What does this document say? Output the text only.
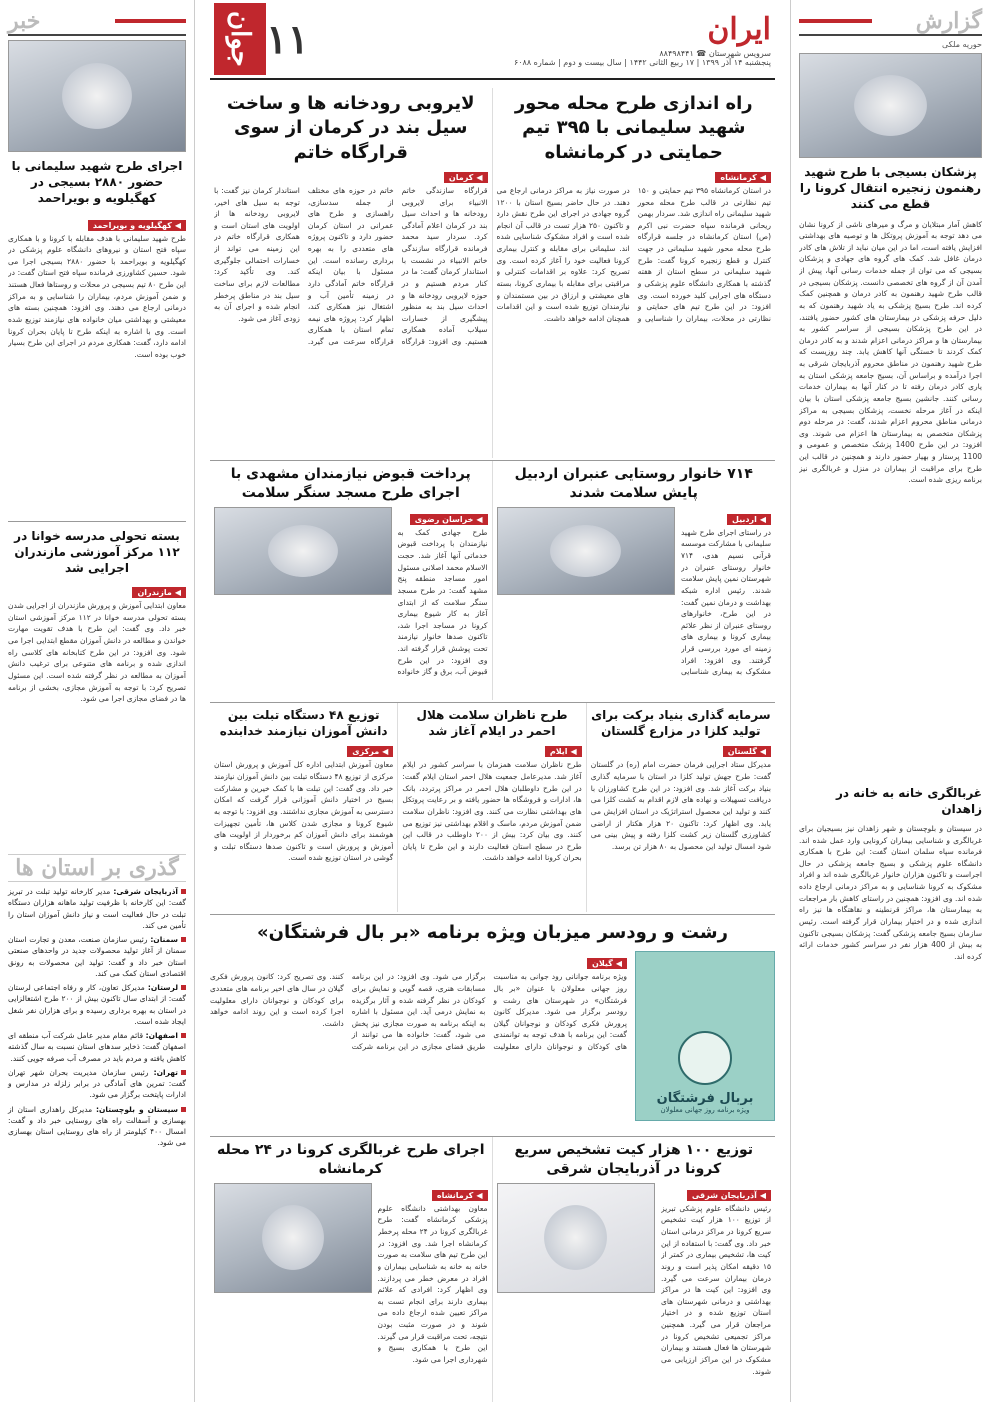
گزارش
حوریه ملکی
پزشکان بسیجی با طرح شهید رهنمون زنجیره انتقال کرونا را قطع می کنند
کاهش آمار مبتلایان و مرگ و میرهای ناشی از کرونا نشان می دهد توجه به آموزش پروتکل ها و توصیه های بهداشتی افزایش یافته است، اما در این میان نباید از تلاش های کادر درمان غافل شد. کمک های گروه های جهادی و پزشکان بسیجی که می توان از جمله خدمات رسانی آنها، پیش از آمدن آن از گروه های تخصصی دانست. پزشکان بسیجی در قالب طرح شهید رهنمون به کادر درمان و همچنین کمک کرده اند. طرح بسیج پزشکی به یاد شهید رهنمون که به دلیل حرفه پزشکی در بیمارستان های کشور حضور یافتند، در این طرح پزشکان بسیجی از سراسر کشور به بیمارستان ها و مراکز درمانی اعزام شدند و به کادر درمان کمک کردند تا خستگی آنها کاهش یابد. چند روزیست که طرح شهید رهنمون در مناطق محروم آذربایجان شرقی به اجرا درآمده و براساس آن، بسیج جامعه پزشکی استان به یاری کادر درمان رفته تا در کنار آنها به بیماران خدمات رسانی کنند. جانشین بسیج جامعه پزشکی استان با بیان اینکه در آغاز مرحله نخست، پزشکان بسیجی به مراکز درمانی مناطق محروم اعزام شدند، گفت: در مرحله دوم پزشکان متخصص به بیمارستان ها اعزام می شوند. وی افزود: در این طرح 1400 پزشک متخصص و عمومی و 1100 پرستار و بهیار حضور دارند و همچنین در قالب این طرح برای مراقبت از بیماران در منزل و غربالگری نیز برنامه ریزی شده است.
غربالگری خانه به خانه در زاهدان
در سیستان و بلوچستان و شهر زاهدان نیز بسیجیان برای غربالگری و شناسایی بیماران کرونایی وارد عمل شده اند. فرمانده سپاه سلمان استان گفت: این طرح با همکاری دانشگاه علوم پزشکی و بسیج جامعه پزشکی در حال اجراست و تاکنون هزاران خانوار غربالگری شده اند و افراد مشکوک به کرونا شناسایی و به مراکز درمانی ارجاع داده شده اند. وی افزود: همچنین در راستای کاهش بار مراجعات به بیمارستان ها، مراکز قرنطینه و نقاهتگاه ها نیز راه اندازی شده و در اختیار بیماران قرار گرفته است. رئیس سازمان بسیج جامعه پزشکی گفت: پزشکان بسیجی تاکنون به بیش از 400 هزار نفر در سراسر کشور خدمات ارائه کرده اند.
ایران
سرویس شهرستان ☎ ۸۸۴۹۸۴۴۱
پنجشنبه ۱۴ آذر ۱۳۹۹ | ۱۷ ربیع الثانی ۱۴۴۲ | سال بیست و دوم | شماره ۶۰۸۸
۱۱
جوان
راه اندازی طرح محله محور شهید سلیمانی با ۳۹۵ تیم حمایتی در کرمانشاه
◀
کرمانشاه
در استان کرمانشاه ۳۹۵ تیم حمایتی و ۱۵۰ تیم نظارتی در قالب طرح محله محور شهید سلیمانی راه اندازی شد. سردار بهمن ریحانی فرمانده سپاه حضرت نبی اکرم (ص) استان کرمانشاه در جلسه قرارگاه طرح محله محور شهید سلیمانی در جهت کنترل و قطع زنجیره کرونا گفت: طرح شهید سلیمانی در سطح استان از هفته گذشته با همکاری دانشگاه علوم پزشکی و دستگاه های اجرایی کلید خورده است. وی افزود: در این طرح تیم های حمایتی و نظارتی در محلات، بیماران را شناسایی و در صورت نیاز به مراکز درمانی ارجاع می دهند. در حال حاضر بسیج استان با ۱۲۰۰ گروه جهادی در اجرای این طرح نقش دارد و تاکنون ۲۵۰ هزار تست در قالب آن انجام شده است و افراد مشکوک شناسایی شده اند. سلیمانی برای مقابله و کنترل بیماری کرونا فعالیت خود را آغاز کرده است. وی تصریح کرد: علاوه بر اقدامات کنترلی و مراقبتی برای مقابله با بیماری کرونا، بسته های معیشتی و ارزاق در بین مستمندان و نیازمندان توزیع شده است و این اقدامات همچنان ادامه خواهد داشت.
لایروبی رودخانه ها و ساخت سیل بند در کرمان از سوی قرارگاه خاتم
◀
کرمان
قرارگاه سازندگی خاتم الانبیاء برای لایروبی رودخانه ها و احداث سیل بند در کرمان اعلام آمادگی کرد. سردار سید محمد فرمانده قرارگاه سازندگی خاتم الانبیاء در نشست با استاندار کرمان گفت: ما در کنار مردم هستیم و در حوزه لایروبی رودخانه ها و احداث سیل بند به منظور پیشگیری از خسارات سیلاب آماده همکاری هستیم. وی افزود: قرارگاه خاتم در حوزه های مختلف از جمله سدسازی، راهسازی و طرح های عمرانی در استان کرمان حضور دارد و تاکنون پروژه های متعددی را به بهره برداری رسانده است. این مسئول با بیان اینکه قرارگاه خاتم آمادگی دارد در زمینه تأمین آب و اشتغال نیز همکاری کند، اظهار کرد: پروژه های نیمه تمام استان با همکاری قرارگاه سرعت می گیرد. استاندار کرمان نیز گفت: با توجه به سیل های اخیر، لایروبی رودخانه ها از اولویت های استان است و همکاری قرارگاه خاتم در این زمینه می تواند از خسارات احتمالی جلوگیری کند. وی تأکید کرد: مطالعات لازم برای ساخت سیل بند در مناطق پرخطر انجام شده و اجرای آن به زودی آغاز می شود.
۷۱۴ خانوار روستایی عنبران اردبیل پایش سلامت شدند
◀
اردبیل
در راستای اجرای طرح شهید سلیمانی با مشارکت موسسه قرآنی نسیم هدی، ۷۱۴ خانوار روستای عنبران در شهرستان نمین پایش سلامت شدند. رئیس اداره شبکه بهداشت و درمان نمین گفت: در این طرح، خانوارهای روستای عنبران از نظر علائم بیماری کرونا و بیماری های زمینه ای مورد بررسی قرار گرفتند. وی افزود: افراد مشکوک به بیماری شناسایی
پرداخت قبوض نیازمندان مشهدی با اجرای طرح مسجد سنگر سلامت
◀
خراسان رضوی
طرح جهادی کمک به نیازمندان با پرداخت قبوض خدماتی آنها آغاز شد. حجت الاسلام محمد اصلانی مسئول امور مساجد منطقه پنج مشهد گفت: در طرح مسجد سنگر سلامت که از ابتدای آغاز به کار شیوع بیماری کرونا در مساجد اجرا شد، تاکنون صدها خانوار نیازمند تحت پوشش قرار گرفته اند. وی افزود: در این طرح قبوض آب، برق و گاز خانواده
سرمایه گذاری بنیاد برکت برای تولید کلزا در مزارع گلستان
◀
گلستان
مدیرکل ستاد اجرایی فرمان حضرت امام (ره) در گلستان گفت: طرح جهش تولید کلزا در استان با سرمایه گذاری بنیاد برکت آغاز شد. وی افزود: در این طرح کشاورزان با دریافت تسهیلات و نهاده های لازم اقدام به کشت کلزا می کنند و تولید این محصول استراتژیک در استان افزایش می یابد. وی اظهار کرد: تاکنون ۲۰ هزار هکتار از اراضی کشاورزی گلستان زیر کشت کلزا رفته و پیش بینی می شود امسال تولید این محصول به ۸۰ هزار تن برسد.
طرح ناظران سلامت هلال احمر در ایلام آغاز شد
◀
ایلام
طرح ناظران سلامت همزمان با سراسر کشور در ایلام آغاز شد. مدیرعامل جمعیت هلال احمر استان ایلام گفت: در این طرح داوطلبان هلال احمر در مراکز پرتردد، بانک ها، ادارات و فروشگاه ها حضور یافته و بر رعایت پروتکل های بهداشتی نظارت می کنند. وی افزود: ناظران سلامت ضمن آموزش مردم، ماسک و اقلام بهداشتی نیز توزیع می کنند. وی بیان کرد: بیش از ۲۰۰ داوطلب در قالب این طرح در سطح استان فعالیت دارند و این طرح تا پایان بحران کرونا ادامه خواهد داشت.
توزیع ۴۸ دستگاه تبلت بین دانش آموزان نیازمند خدابنده
◀
مرکزی
معاون آموزش ابتدایی اداره کل آموزش و پرورش استان مرکزی از توزیع ۴۸ دستگاه تبلت بین دانش آموزان نیازمند خبر داد. وی گفت: این تبلت ها با کمک خیرین و مشارکت بسیج در اختیار دانش آموزانی قرار گرفت که امکان دسترسی به آموزش مجازی نداشتند. وی افزود: با توجه به شیوع کرونا و مجازی شدن کلاس ها، تأمین تجهیزات هوشمند برای دانش آموزان کم برخوردار از اولویت های آموزش و پرورش است و تاکنون صدها دستگاه تبلت و گوشی در استان توزیع شده است.
رشت و رودسر میزبان ویژه برنامه «بر بال فرشتگان»
بربال فرشتگان
ویژه برنامه روز جهانی معلولان
◀
گیلان
ویژه برنامه جوانانی رود جوانی به مناسبت روز جهانی معلولان با عنوان «بر بال فرشتگان» در شهرستان های رشت و رودسر برگزار می شود. مدیرکل کانون پرورش فکری کودکان و نوجوانان گیلان گفت: این برنامه با هدف توجه به توانمندی های کودکان و نوجوانان دارای معلولیت برگزار می شود. وی افزود: در این برنامه مسابقات هنری، قصه گویی و نمایش برای کودکان در نظر گرفته شده و آثار برگزیده به نمایش درمی آید. این مسئول با اشاره به اینکه برنامه به صورت مجازی نیز پخش می شود، گفت: خانواده ها می توانند از طریق فضای مجازی در این برنامه شرکت کنند. وی تصریح کرد: کانون پرورش فکری گیلان در سال های اخیر برنامه های متعددی برای کودکان و نوجوانان دارای معلولیت اجرا کرده است و این روند ادامه خواهد داشت.
توزیع ۱۰۰ هزار کیت تشخیص سریع کرونا در آذربایجان شرقی
◀
آذربایجان شرقی
رئیس دانشگاه علوم پزشکی تبریز از توزیع ۱۰۰ هزار کیت تشخیص سریع کرونا در مراکز درمانی استان خبر داد. وی گفت: با استفاده از این کیت ها، تشخیص بیماری در کمتر از ۱۵ دقیقه امکان پذیر است و روند درمان بیماران سرعت می گیرد. وی افزود: این کیت ها در مراکز بهداشتی و درمانی شهرستان های استان توزیع شده و در اختیار مراجعان قرار می گیرد. همچنین مراکز تجمیعی تشخیص کرونا در شهرستان ها فعال هستند و بیماران مشکوک در این مراکز ارزیابی می شوند.
اجرای طرح غربالگری کرونا در ۲۴ محله کرمانشاه
◀
کرمانشاه
معاون بهداشتی دانشگاه علوم پزشکی کرمانشاه گفت: طرح غربالگری کرونا در ۲۴ محله پرخطر کرمانشاه اجرا شد. وی افزود: در این طرح تیم های سلامت به صورت خانه به خانه به شناسایی بیماران و افراد در معرض خطر می پردازند. وی اظهار کرد: افرادی که علائم بیماری دارند برای انجام تست به مراکز تعیین شده ارجاع داده می شوند و در صورت مثبت بودن نتیجه، تحت مراقبت قرار می گیرند. این طرح با همکاری بسیج و شهرداری اجرا می شود.
خبر
اجرای طرح شهید سلیمانی با حضور ۲۸۸۰ بسیجی در کهگیلویه و بویراحمد
◀
کهگیلویه و بویراحمد
طرح شهید سلیمانی با هدف مقابله با کرونا و با همکاری سپاه فتح استان و نیروهای دانشگاه علوم پزشکی در کهگیلویه و بویراحمد با حضور ۲۸۸۰ بسیجی اجرا می شود. حسین کشاورزی فرمانده سپاه فتح استان گفت: در این طرح ۸۰ تیم بسیجی در محلات و روستاها فعال هستند و ضمن آموزش مردم، بیماران را شناسایی و به مراکز درمانی ارجاع می دهند. وی افزود: همچنین بسته های معیشتی و بهداشتی میان خانواده های نیازمند توزیع شده است. وی با اشاره به اینکه طرح تا پایان بحران کرونا ادامه دارد، گفت: همکاری مردم در اجرای این طرح بسیار خوب بوده است.
بسته تحولی مدرسه خوانا در ۱۱۲ مرکز آموزشی مازندران اجرایی شد
◀
مازندران
معاون ابتدایی آموزش و پرورش مازندران از اجرایی شدن بسته تحولی مدرسه خوانا در ۱۱۲ مرکز آموزشی استان خبر داد. وی گفت: این طرح با هدف تقویت مهارت خواندن و مطالعه در دانش آموزان مقطع ابتدایی اجرا می شود. وی افزود: در این طرح کتابخانه های کلاسی راه اندازی شده و برنامه های متنوعی برای ترغیب دانش آموزان به مطالعه در نظر گرفته شده است. این مسئول تصریح کرد: با توجه به آموزش مجازی، بخشی از برنامه ها در فضای مجازی اجرا می شود.
گذری بر استان ها

آذربایجان شرقی: مدیر کارخانه تولید تبلت در تبریز گفت: این کارخانه با ظرفیت تولید ماهانه هزاران دستگاه تبلت در حال فعالیت است و نیاز دانش آموزان استان را تأمین می کند.

سمنان: رئیس سازمان صنعت، معدن و تجارت استان سمنان از آغاز تولید محصولات جدید در واحدهای صنعتی استان خبر داد و گفت: تولید این محصولات به رونق اقتصادی استان کمک می کند.

لرستان: مدیرکل تعاون، کار و رفاه اجتماعی لرستان گفت: از ابتدای سال تاکنون بیش از ۲۰۰ طرح اشتغالزایی در استان به بهره برداری رسیده و برای هزاران نفر شغل ایجاد شده است.

اصفهان: قائم مقام مدیر عامل شرکت آب منطقه ای اصفهان گفت: ذخایر سدهای استان نسبت به سال گذشته کاهش یافته و مردم باید در مصرف آب صرفه جویی کنند.

تهران: رئیس سازمان مدیریت بحران شهر تهران گفت: تمرین های آمادگی در برابر زلزله در مدارس و ادارات پایتخت برگزار می شود.

سیستان و بلوچستان: مدیرکل راهداری استان از بهسازی و آسفالت راه های روستایی خبر داد و گفت: امسال ۴۰۰ کیلومتر از راه های روستایی استان بهسازی می شود.
